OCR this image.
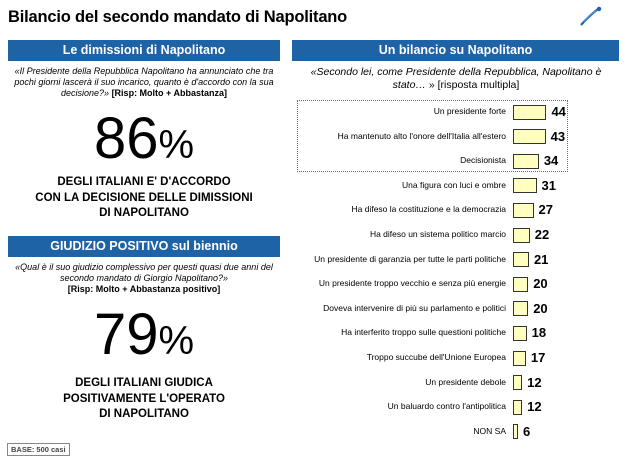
Bilancio del secondo mandato di Napolitano
Le dimissioni di Napolitano
«Il Presidente della Repubblica Napolitano ha annunciato che tra pochi giorni lascerà il suo incarico, quanto è d'accordo con la sua decisione?» [Risp: Molto + Abbastanza]
86%
DEGLI ITALIANI E' D'ACCORDO
CON LA DECISIONE DELLE DIMISSIONI
DI NAPOLITANO
GIUDIZIO POSITIVO sul biennio
«Qual è il suo giudizio complessivo per questi quasi due anni del secondo mandato di Giorgio Napolitano?»
[Risp: Molto + Abbastanza positivo]
79%
DEGLI ITALIANI GIUDICA
POSITIVAMENTE L'OPERATO
DI NAPOLITANO
BASE: 500 casi
Un bilancio su Napolitano
«Secondo lei, come Presidente della Repubblica, Napolitano è stato… » [risposta multipla]
Un presidente forte	44
Ha mantenuto alto l'onore dell'Italia all'estero	43
Decisionista	34
Una figura con luci e ombre	31
Ha difeso la costituzione e la democrazia	27
Ha difeso un sistema politico marcio 22
Un presidente di garanzia per tutte le parti politiche 21
Un presidente troppo vecchio e senza più energie 20
Doveva intervenire di più su parlamento e politici 20
Ha interferito troppo sulle questioni politiche 18
Troppo succube dell'Unione Europea 17
Un presidente debole 12
Un baluardo contro l'antipolitica 12
NON SA 6
